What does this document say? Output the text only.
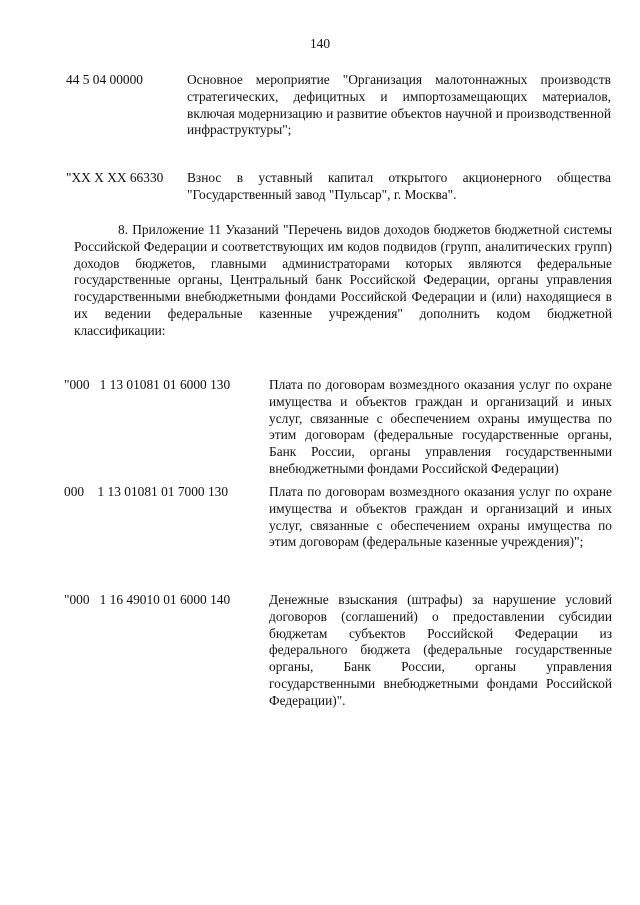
140
44 5 04 00000	Основное мероприятие "Организация малотоннажных производств стратегических, дефицитных и импортозамещающих материалов, включая модернизацию и развитие объектов научной и производственной инфраструктуры";
"ХХ Х ХХ 66330 Взнос в уставный капитал открытого акционерного общества "Государственный завод "Пульсар", г. Москва".
8. Приложение 11 Указаний "Перечень видов доходов бюджетов бюджетной системы Российской Федерации и соответствующих им кодов подвидов (групп, аналитических групп) доходов бюджетов, главными администраторами которых являются федеральные государственные органы, Центральный банк Российской Федерации, органы управления государственными внебюджетными фондами Российской Федерации и (или) находящиеся в их ведении федеральные казенные учреждения" дополнить кодом бюджетной классификации:
"000   1 13 01081 01 6000 130	Плата по договорам возмездного оказания услуг по охране имущества и объектов граждан и организаций и иных услуг, связанные с обеспечением охраны имущества по этим договорам (федеральные государственные органы, Банк России, органы управления государственными внебюджетными фондами Российской Федерации)
000    1 13 01081 01 7000 130	Плата по договорам возмездного оказания услуг по охране имущества и объектов граждан и организаций и иных услуг, связанные с обеспечением охраны имущества по этим договорам (федеральные казенные учреждения)";
"000   1 16 49010 01 6000 140	Денежные взыскания (штрафы) за нарушение условий договоров (соглашений) о предоставлении субсидии бюджетам субъектов Российской Федерации из федерального бюджета (федеральные государственные органы, Банк России, органы управления государственными внебюджетными фондами Российской Федерации)".
